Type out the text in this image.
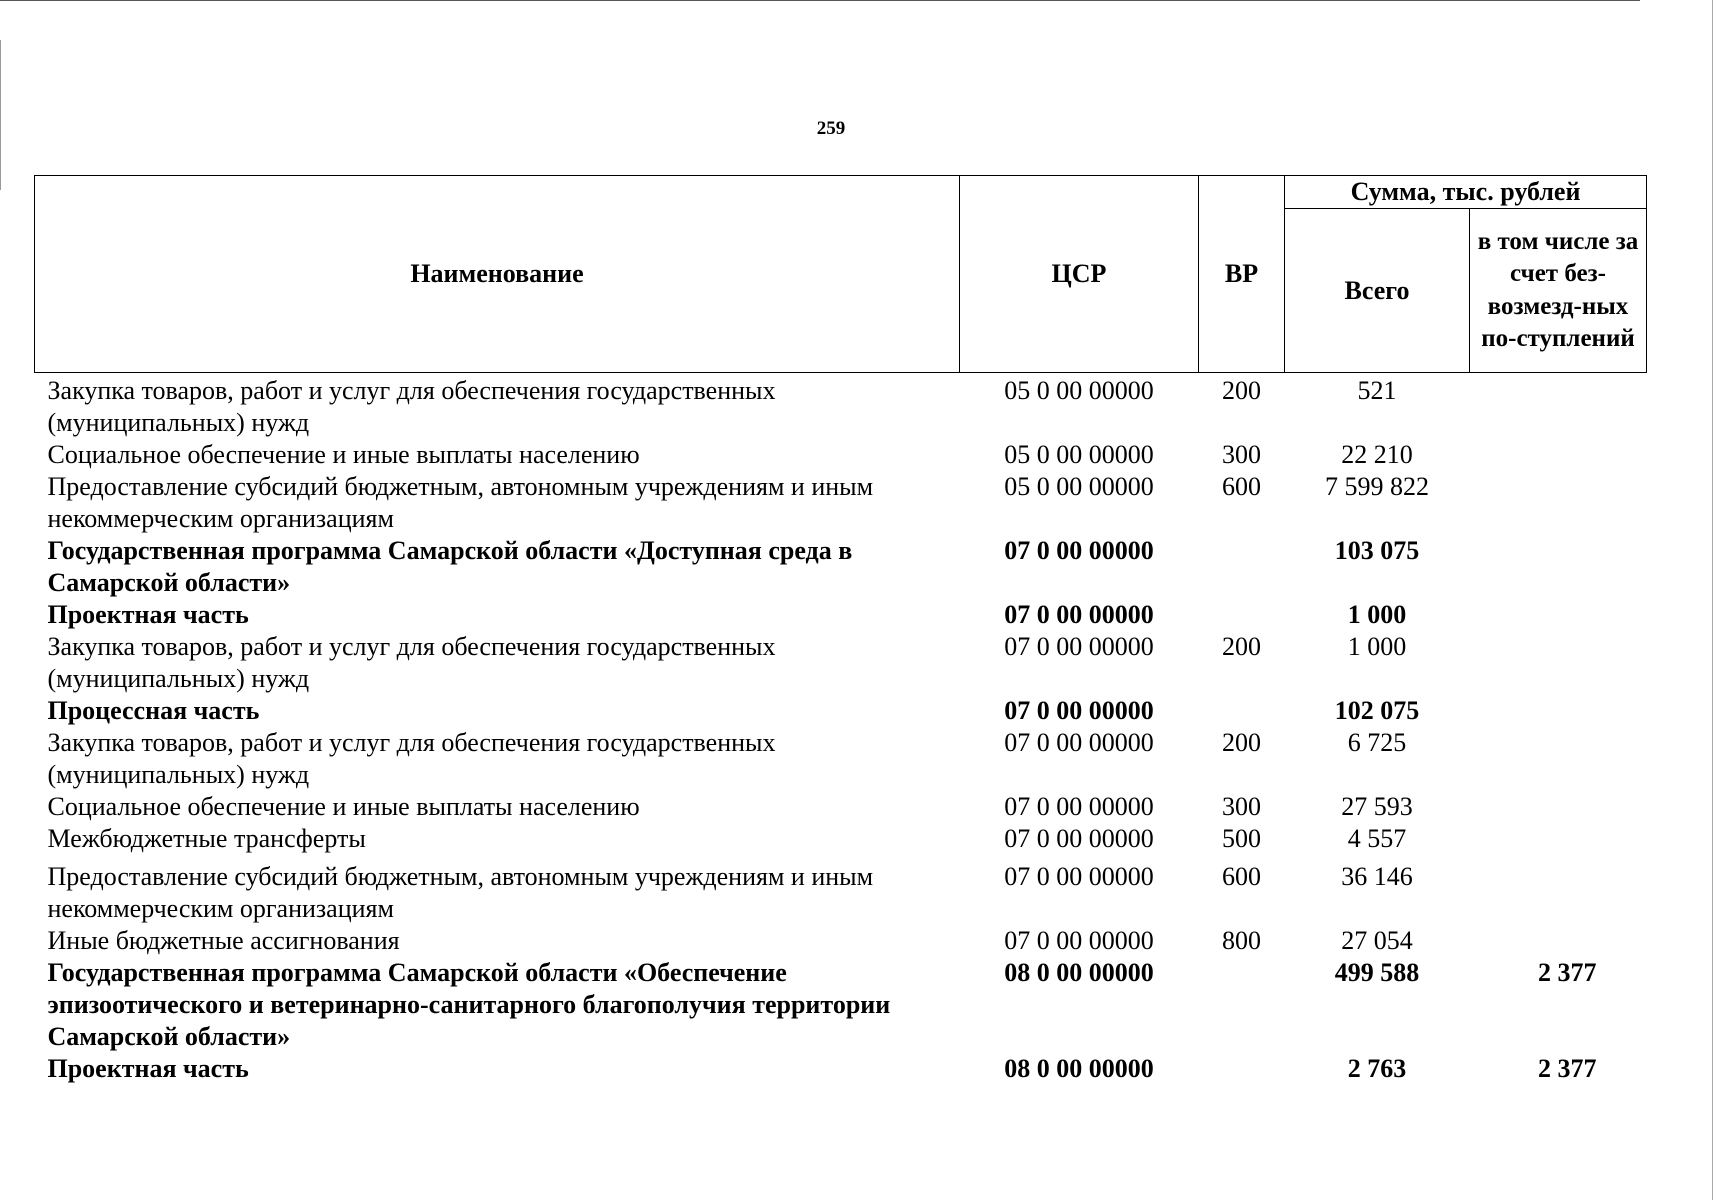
259
Наименование	ЦСР	ВР	Сумма, тыс. рублей	
			Всего	в том числе за счет без-возмезд-ных по-ступлений
Закупка товаров, работ и услуг для обеспечения государственных (муниципальных) нужд	05 0 00 00000	200	521	
Социальное обеспечение и иные выплаты населению	05 0 00 00000	300	22 210	
Предоставление субсидий бюджетным, автономным учреждениям и иным некоммерческим организациям	05 0 00 00000	600	7 599 822	
Государственная программа Самарской области «Доступная среда в Самарской области»	07 0 00 00000		103 075	
Проектная часть	07 0 00 00000		1 000	
Закупка товаров, работ и услуг для обеспечения государственных (муниципальных) нужд	07 0 00 00000	200	1 000	
Процессная часть	07 0 00 00000		102 075	
Закупка товаров, работ и услуг для обеспечения государственных (муниципальных) нужд	07 0 00 00000	200	6 725	
Социальное обеспечение и иные выплаты населению	07 0 00 00000	300	27 593	
Межбюджетные трансферты	07 0 00 00000	500	4 557	
Предоставление субсидий бюджетным, автономным учреждениям и иным некоммерческим организациям	07 0 00 00000	600	36 146	
Иные бюджетные ассигнования	07 0 00 00000	800	27 054	
Государственная программа Самарской области «Обеспечение эпизоотического и ветеринарно-санитарного благополучия территории Самарской области»	08 0 00 00000		499 588	2 377
Проектная часть	08 0 00 00000		2 763	2 377
